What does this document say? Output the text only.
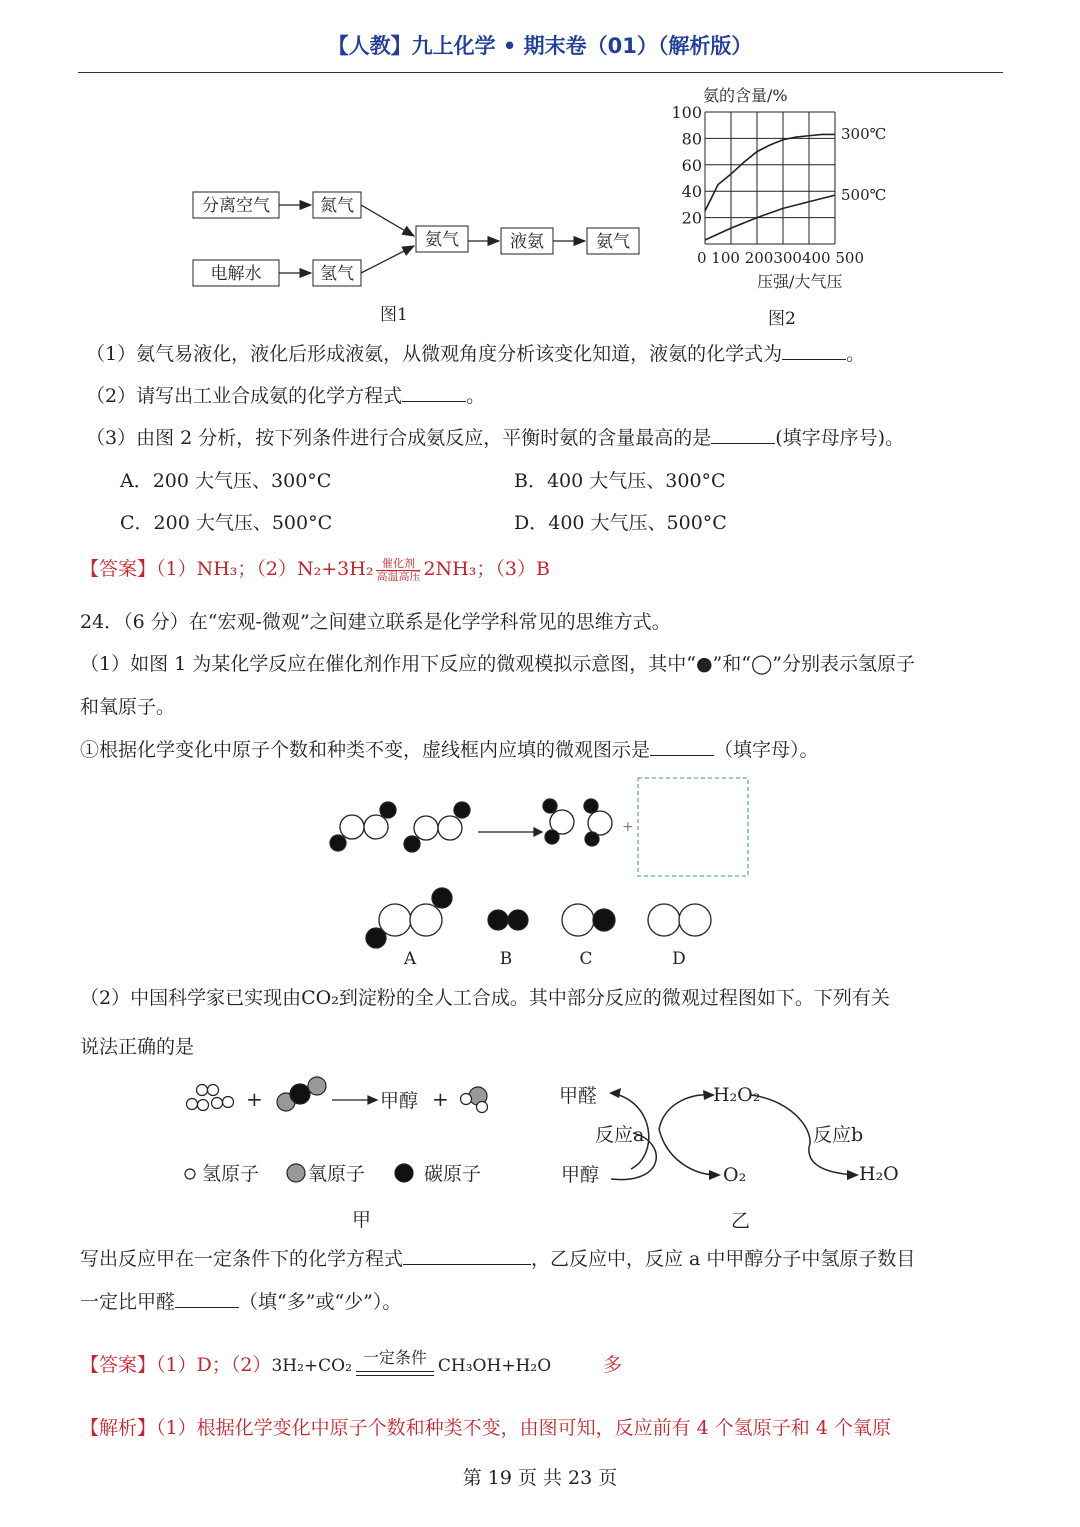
【人教】九上化学 • 期末卷（01）（解析版）
分离空气	氮气
电解水	氢气
氨气	液氨	氨气
图1
氨的含量/%
100
80
60
40
20
0 100 200300400 500
压强/大气压
300℃
500℃
图2
（1）氨气易液化，液化后形成液氨，从微观角度分析该变化知道，液氨的化学式为	。
（2）请写出工业合成氨的化学方程式	。
（3）由图 2 分析，按下列条件进行合成氨反应，平衡时氨的含量最高的是	(填字母序号)。
A．200 大气压、300°C	B．400 大气压、300°C
C．200 大气压、500°C	D．400 大气压、500°C
【答案】（1）NH₃；$(2)N_2+3H_2 \frac{\text{催化剂}}{\text{高温高压}} 2NH_3$；（3）B
24．（6 分）在“宏观-微观”之间建立联系是化学学科常见的思维方式。
（1）如图 1 为某化学反应在催化剂作用下反应的微观模拟示意图，其中“●”和“◯”分别表示氢原子
和氧原子。
①根据化学变化中原子个数和种类不变，虚线框内应填的微观图示是	（填字母）。
+
A	B	C	D
（2）中国科学家已实现由CO₂到淀粉的全人工合成。其中部分反应的微观过程图如下。下列有关
说法正确的是
+	+
甲醇
氢原子	氧原子	碳原子
甲
甲醛
反应a
甲醇
H₂O₂
反应b
O₂	H₂O
乙
写出反应甲在一定条件下的化学方程式	，乙反应中，反应 a 中甲醇分子中氢原子数目
一定比甲醛	（填“多”或“少”）。
【答案】（1）D；（2）3H₂+CO₂ 一定条件 CH₃OH+H₂O	多
【解析】（1）根据化学变化中原子个数和种类不变，由图可知，反应前有 4 个氢原子和 4 个氧原
第 19 页 共 23 页
